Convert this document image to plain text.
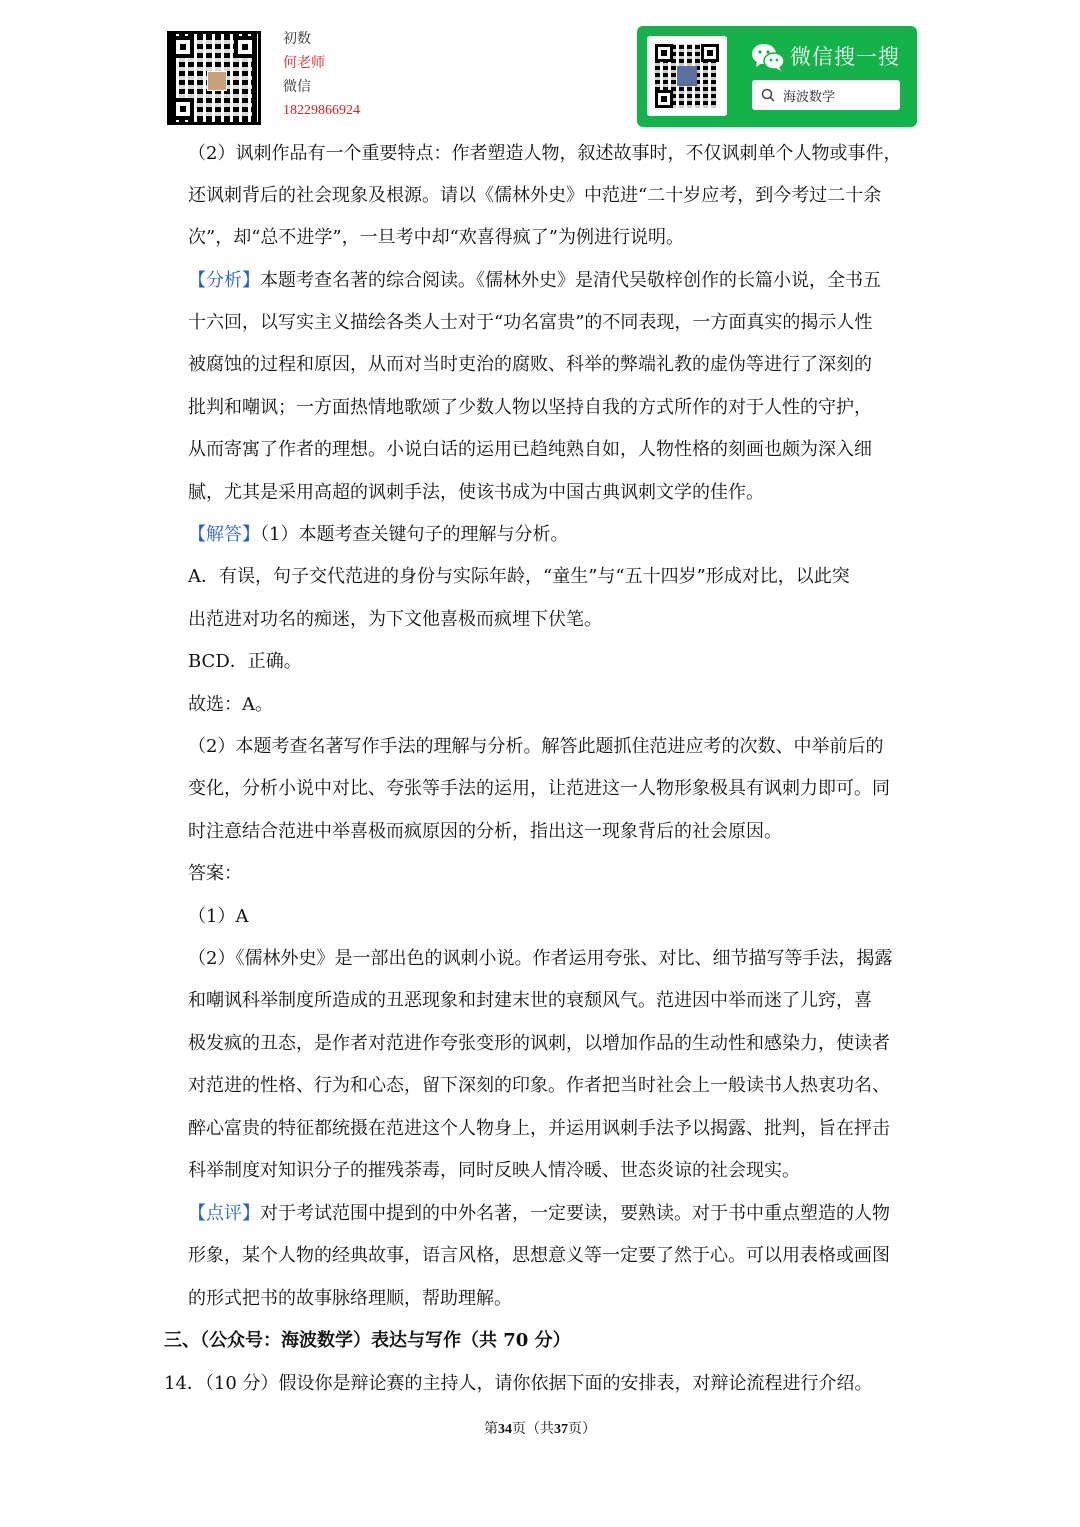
初数
何老师
微信
18229866924
微信搜一搜
海波数学
（2）讽刺作品有一个重要特点：作者塑造人物，叙述故事时，不仅讽刺单个人物或事件，
还讽刺背后的社会现象及根源。请以《儒林外史》中范进“二十岁应考，到今考过二十余
次”，却“总不进学”，一旦考中却“欢喜得疯了”为例进行说明。
【分析】本题考查名著的综合阅读。《儒林外史》是清代吴敬梓创作的长篇小说，全书五
十六回，以写实主义描绘各类人士对于“功名富贵”的不同表现，一方面真实的揭示人性
被腐蚀的过程和原因，从而对当时吏治的腐败、科举的弊端礼教的虚伪等进行了深刻的
批判和嘲讽；一方面热情地歌颂了少数人物以坚持自我的方式所作的对于人性的守护，
从而寄寓了作者的理想。小说白话的运用已趋纯熟自如，人物性格的刻画也颇为深入细
腻，尤其是采用高超的讽刺手法，使该书成为中国古典讽刺文学的佳作。
【解答】（1）本题考查关键句子的理解与分析。
A．有误，句子交代范进的身份与实际年龄，“童生”与“五十四岁”形成对比，以此突
出范进对功名的痴迷，为下文他喜极而疯埋下伏笔。
BCD．正确。
故选：A。
（2）本题考查名著写作手法的理解与分析。解答此题抓住范进应考的次数、中举前后的
变化，分析小说中对比、夸张等手法的运用，让范进这一人物形象极具有讽刺力即可。同
时注意结合范进中举喜极而疯原因的分析，指出这一现象背后的社会原因。
答案：
（1）A
（2）《儒林外史》是一部出色的讽刺小说。作者运用夸张、对比、细节描写等手法，揭露
和嘲讽科举制度所造成的丑恶现象和封建末世的衰颓风气。范进因中举而迷了儿窍，喜
极发疯的丑态，是作者对范进作夸张变形的讽刺，以增加作品的生动性和感染力，使读者
对范进的性格、行为和心态，留下深刻的印象。作者把当时社会上一般读书人热衷功名、
醉心富贵的特征都统摄在范进这个人物身上，并运用讽刺手法予以揭露、批判，旨在抨击
科举制度对知识分子的摧残荼毒，同时反映人情冷暖、世态炎谅的社会现实。
【点评】对于考试范围中提到的中外名著，一定要读，要熟读。对于书中重点塑造的人物
形象，某个人物的经典故事，语言风格，思想意义等一定要了然于心。可以用表格或画图
的形式把书的故事脉络理顺，帮助理解。
三、（公众号：海波数学）表达与写作（共 70 分）
14．（10 分）假设你是辩论赛的主持人，请你依据下面的安排表，对辩论流程进行介绍。
第34页（共37页）
